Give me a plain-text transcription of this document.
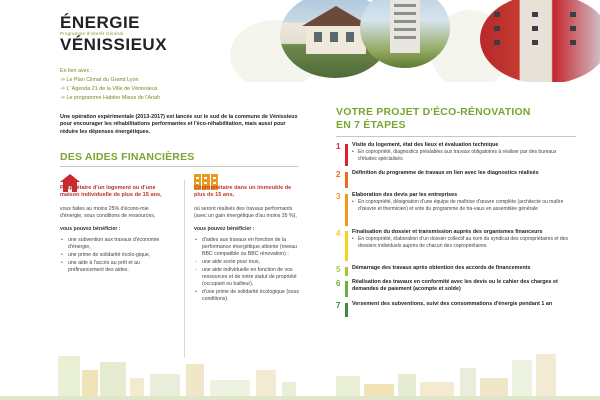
ÉNERGIE
Programme d'intérêt Général
VÉNISSIEUX
En lien avec :
-> Le Plan Climat du Grand Lyon
-> L' Agenda 21 de la Ville de Vénissieux
-> Le programme Habiter Mieux de l'Anah
Une opération expérimentale (2013-2017) est lancée sur le sud de la commune de Vénissieux pour encourager les réhabilitations performantes et l'éco-réhabilitation, mais aussi pour réduire les dépenses énergétiques.
DES AIDES FINANCIÈRES
Propriétaire d'un logement ou d'une maison individuelle de plus de 15 ans,
vous faites au moins 25% d'écono-mie d'énergie, sous conditions de ressources,
vous pouvez bénéficier :
• une subvention aux travaux d'économie d'énergie,
• une prime de solidarité écolo-gique,
• une aide à l'accès au prêt et au préfinancement des aides.
Copropriétaire dans un immeuble de plus de 15 ans,
où seront réalisés des travaux performants (avec un gain énergétique d'au moins 35 %),
vous pouvez bénéficier :
• d'aides aux travaux en fonction de la performance énergétique atteinte (niveau BBC compatible ou BBC rénovation) :
- une aide socle pour tous,
- une aide individuelle en fonction de vos ressources et de votre statut de propriété (occupant ou bailleur),
• d'une prime de solidarité écologique (sous conditions).
VOTRE PROJET D'ÉCO-RÉNOVATION
EN 7 ÉTAPES
1	Visite du logement, état des lieux et évaluation technique
• En copropriété, diagnostics préalables aux travaux obligatoires à réaliser par des bureaux d'études spécialisés
2	Définition du programme de travaux en lien avec les diagnostics réalisés
3	Elaboration des devis par les entreprises
• En copropriété, désignation d'une équipe de maîtrise d'œuvre complète (architecte ou maître d'œuvre et thermicien) et vote du programme de tra-vaux en assemblée générale
4	Finalisation du dossier et transmission auprès des organismes financeurs
• En copropriété, élaboration d'un dossier collectif au nom du syndicat des copropriétaires et des dossiers individuels auprès de chacun des copropriétaires
5	Démarrage des travaux après obtention des accords de financements
6	Réalisation des travaux en conformité avec les devis ou le cahier des charges et demandes de paiement (acompte et solde)
7	Versement des subventions, suivi des consommations d'énergie pendant 1 an
